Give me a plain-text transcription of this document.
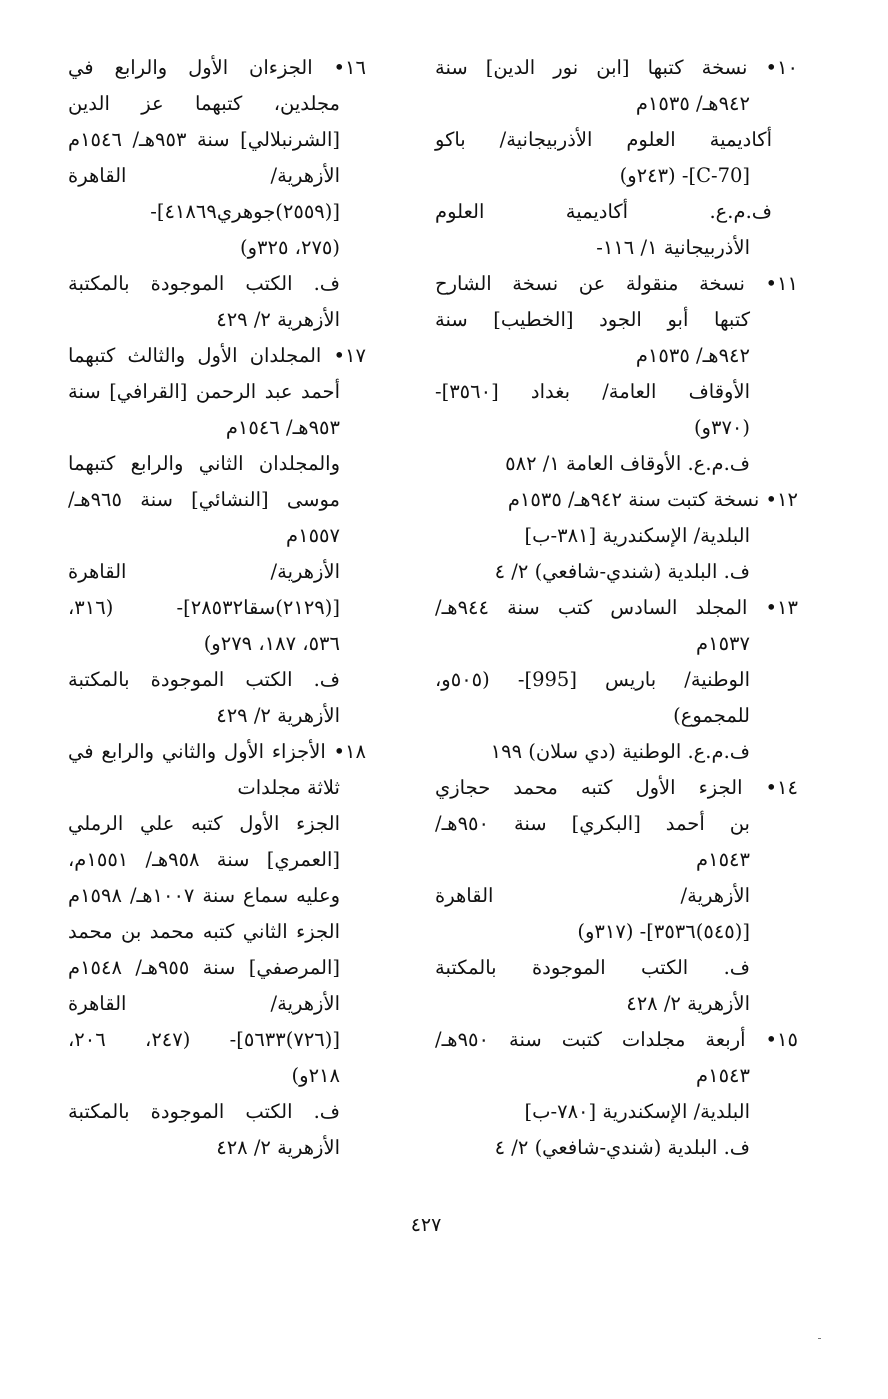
١٠• نسخة كتبها [ابن نور الدين] سنة
٩٤٢هـ/ ١٥٣٥م
أكاديمية العلوم الأذربيجانية/ باكو
[C-70]- (٢٤٣و)
ف.م.ع. أكاديمية العلوم
الأذربيجانية ١/ ١١٦-
١١• نسخة منقولة عن نسخة الشارح
كتبها أبو الجود [الخطيب] سنة
٩٤٢هـ/ ١٥٣٥م
الأوقاف العامة/ بغداد [٣٥٦٠]-
(٣٧٠و)
ف.م.ع. الأوقاف العامة ١/ ٥٨٢
١٢• نسخة كتبت سنة ٩٤٢هـ/ ١٥٣٥م
البلدية/ الإسكندرية [٣٨١-ب]
ف. البلدية (شندي-شافعي) ٢/ ٤
١٣• المجلد السادس كتب سنة ٩٤٤هـ/
١٥٣٧م
الوطنية/ باريس [995]- (٥٠٥و،
للمجموع)
ف.م.ع. الوطنية (دي سلان) ١٩٩
١٤• الجزء الأول كتبه محمد حجازي
بن أحمد [البكري] سنة ٩٥٠هـ/
١٥٤٣م
الأزهرية/ القاهرة
[(٥٤٥)٣٥٣٦]- (٣١٧و)
ف. الكتب الموجودة بالمكتبة
الأزهرية ٢/ ٤٢٨
١٥• أربعة مجلدات كتبت سنة ٩٥٠هـ/
١٥٤٣م
البلدية/ الإسكندرية [٧٨٠-ب]
ف. البلدية (شندي-شافعي) ٢/ ٤
١٦• الجزءان الأول والرابع في
مجلدين، كتبهما عز الدين
[الشرنبلالي] سنة ٩٥٣هـ/ ١٥٤٦م
الأزهرية/ القاهرة
[(٢٥٥٩)جوهري٤١٨٦٩]-
(٢٧٥، ٣٢٥و)
ف. الكتب الموجودة بالمكتبة
الأزهرية ٢/ ٤٢٩
١٧• المجلدان الأول والثالث كتبهما
أحمد عبد الرحمن [القرافي] سنة
٩٥٣هـ/ ١٥٤٦م
والمجلدان الثاني والرابع كتبهما
موسى [النشائي] سنة ٩٦٥هـ/
١٥٥٧م
الأزهرية/ القاهرة
[(٢١٢٩)سقا٢٨٥٣٢]- (٣١٦،
٥٣٦، ١٨٧، ٢٧٩و)
ف. الكتب الموجودة بالمكتبة
الأزهرية ٢/ ٤٢٩
١٨• الأجزاء الأول والثاني والرابع في
ثلاثة مجلدات
الجزء الأول كتبه علي الرملي
[العمري] سنة ٩٥٨هـ/ ١٥٥١م،
وعليه سماع سنة ١٠٠٧هـ/ ١٥٩٨م
الجزء الثاني كتبه محمد بن محمد
[المرصفي] سنة ٩٥٥هـ/ ١٥٤٨م
الأزهرية/ القاهرة
[(٧٢٦)٥٦٣٣]- (٢٤٧، ٢٠٦،
٢١٨و)
ف. الكتب الموجودة بالمكتبة
الأزهرية ٢/ ٤٢٨
٤٢٧
